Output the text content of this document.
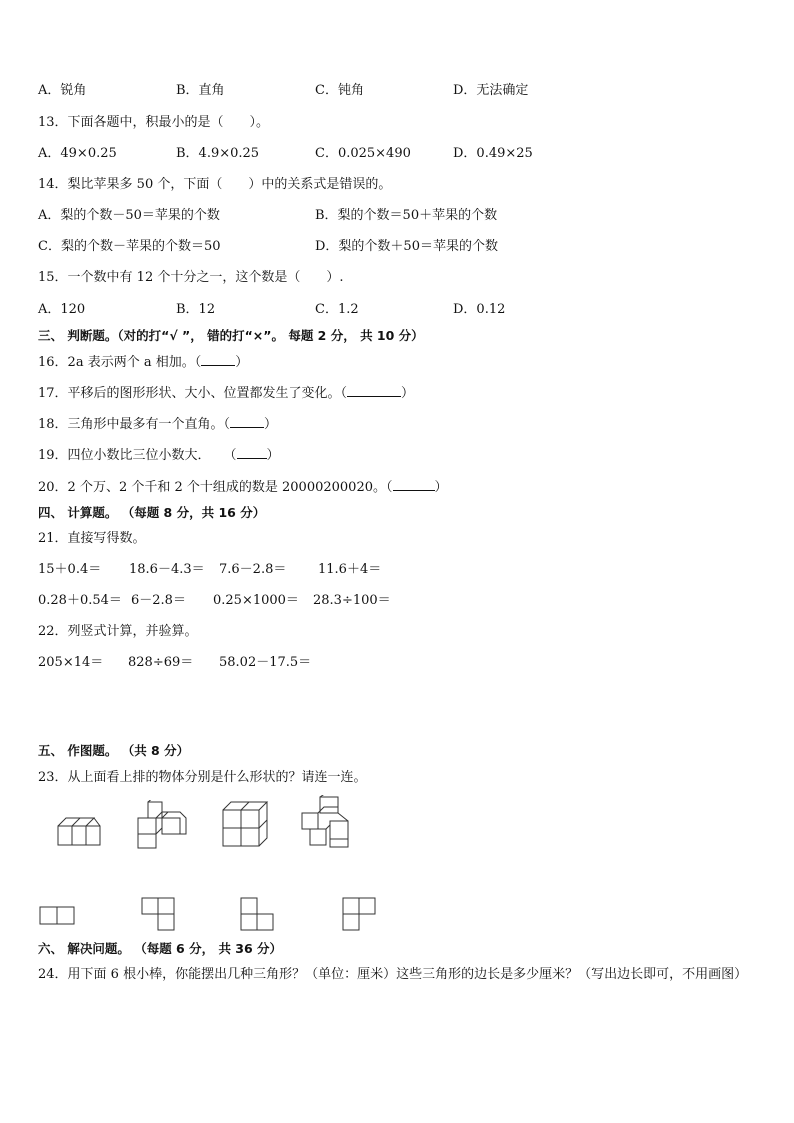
A．锐角	B．直角	C．钝角	D．无法确定
13．下面各题中，积最小的是（　　）。
A．49×0.25	B．4.9×0.25	C．0.025×490	D．0.49×25
14．梨比苹果多 50 个，下面（　　）中的关系式是错误的。
A．梨的个数－50＝苹果的个数	B．梨的个数＝50＋苹果的个数
C．梨的个数－苹果的个数＝50	D．梨的个数＋50＝苹果的个数
15．一个数中有 12 个十分之一，这个数是（　　）.
A．120	B．12	C．1.2	D．0.12
三、 判断题。（对的打“√ ”， 错的打“×”。 每题 2 分， 共 10 分）
16．2a 表示两个 a 相加。（	）
17．平移后的图形形状、大小、位置都发生了变化。（	）
18．三角形中最多有一个直角。（	）
19．四位小数比三位小数大．　　（ ）
20．2 个万、2 个千和 2 个十组成的数是 20000200020。（	）
四、 计算题。 （每题 8 分，共 16 分）
21．直接写得数。
15＋0.4＝ 18.6－4.3＝ 7.6－2.8＝ 11.6＋4＝
0.28＋0.54＝ 6－2.8＝ 0.25×1000＝ 28.3÷100＝
22．列竖式计算，并验算。
205×14＝ 828÷69＝ 58.02－17.5＝
五、 作图题。 （共 8 分）
23．从上面看上排的物体分别是什么形状的？请连一连。
六、 解决问题。 （每题 6 分， 共 36 分）
24．用下面 6 根小棒，你能摆出几种三角形？（单位：厘米）这些三角形的边长是多少厘米？（写出边长即可，不用画图）
